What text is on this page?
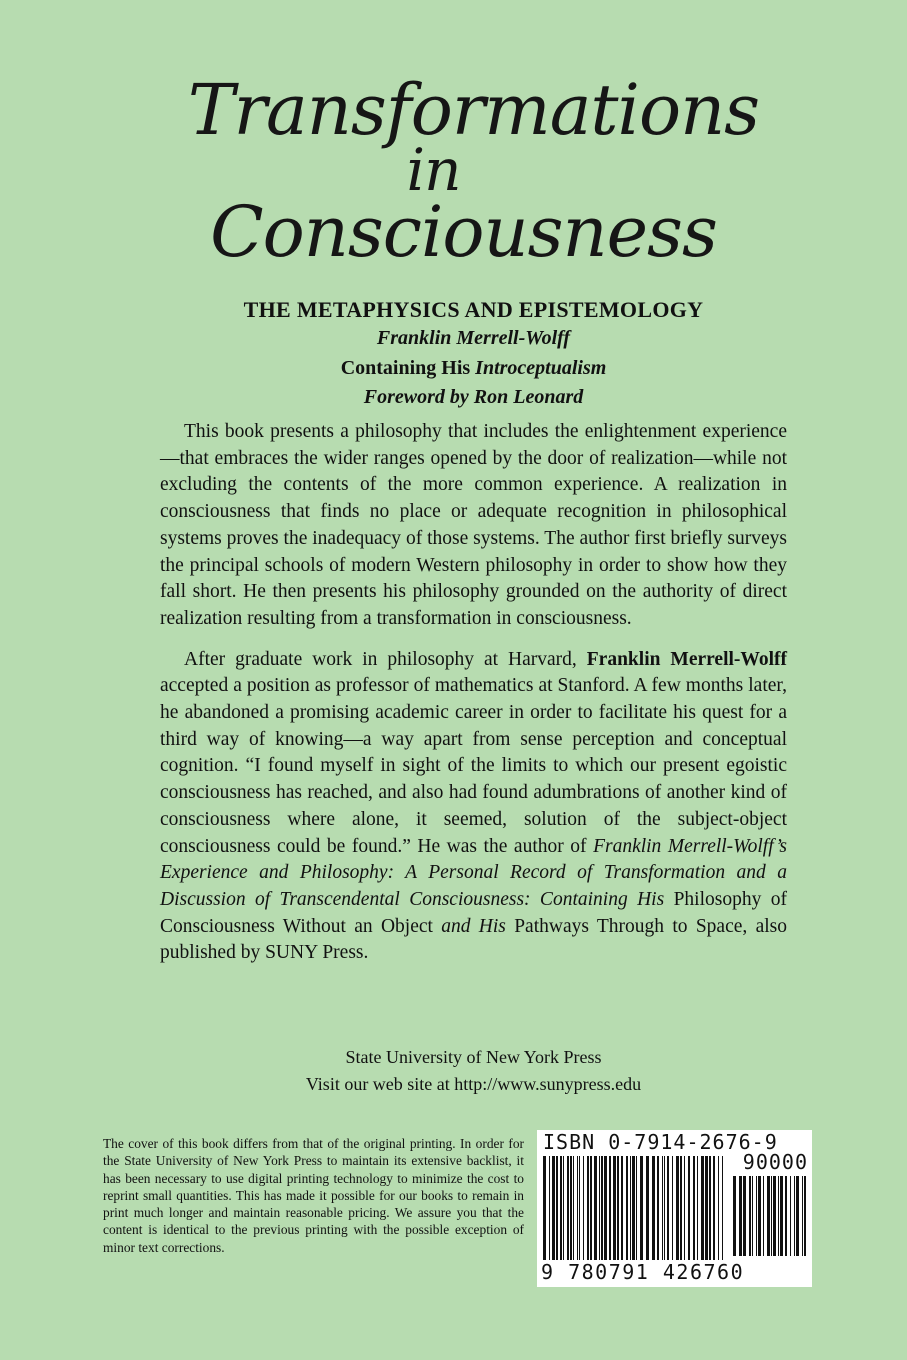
Transformations
in
Consciousness
THE METAPHYSICS AND EPISTEMOLOGY
Franklin Merrell-Wolff
Containing His Introceptualism
Foreword by Ron Leonard

This book presents a philosophy that includes the enlightenment experience—that embraces the wider ranges opened by the door of realization—while not excluding the contents of the more common experience. A realization in consciousness that finds no place or adequate recognition in philosophical systems proves the inadequacy of those systems. The author first briefly surveys the principal schools of modern Western philosophy in order to show how they fall short. He then presents his philosophy grounded on the authority of direct realization resulting from a transformation in consciousness.

After graduate work in philosophy at Harvard, Franklin Merrell-Wolff accepted a position as professor of mathematics at Stanford. A few months later, he abandoned a promising academic career in order to facilitate his quest for a third way of knowing—a way apart from sense perception and conceptual cognition. “I found myself in sight of the limits to which our present egoistic consciousness has reached, and also had found adumbrations of another kind of consciousness where alone, it seemed, solution of the subject-object consciousness could be found.” He was the author of Franklin Merrell-Wolff’s Experience and Philosophy: A Personal Record of Transformation and a Discussion of Transcendental Consciousness: Containing His Philosophy of Consciousness Without an Object and His Pathways Through to Space, also published by SUNY Press.

State University of New York Press
Visit our web site at http://www.sunypress.edu
The cover of this book differs from that of the original printing. In order for the State University of New York Press to maintain its extensive backlist, it has been necessary to use digital printing technology to minimize the cost to reprint small quantities. This has made it possible for our books to remain in print much longer and maintain reasonable pricing. We assure you that the content is identical to the previous printing with the possible exception of minor text corrections.
ISBN 0-7914-2676-9
90000
9 780791 426760
